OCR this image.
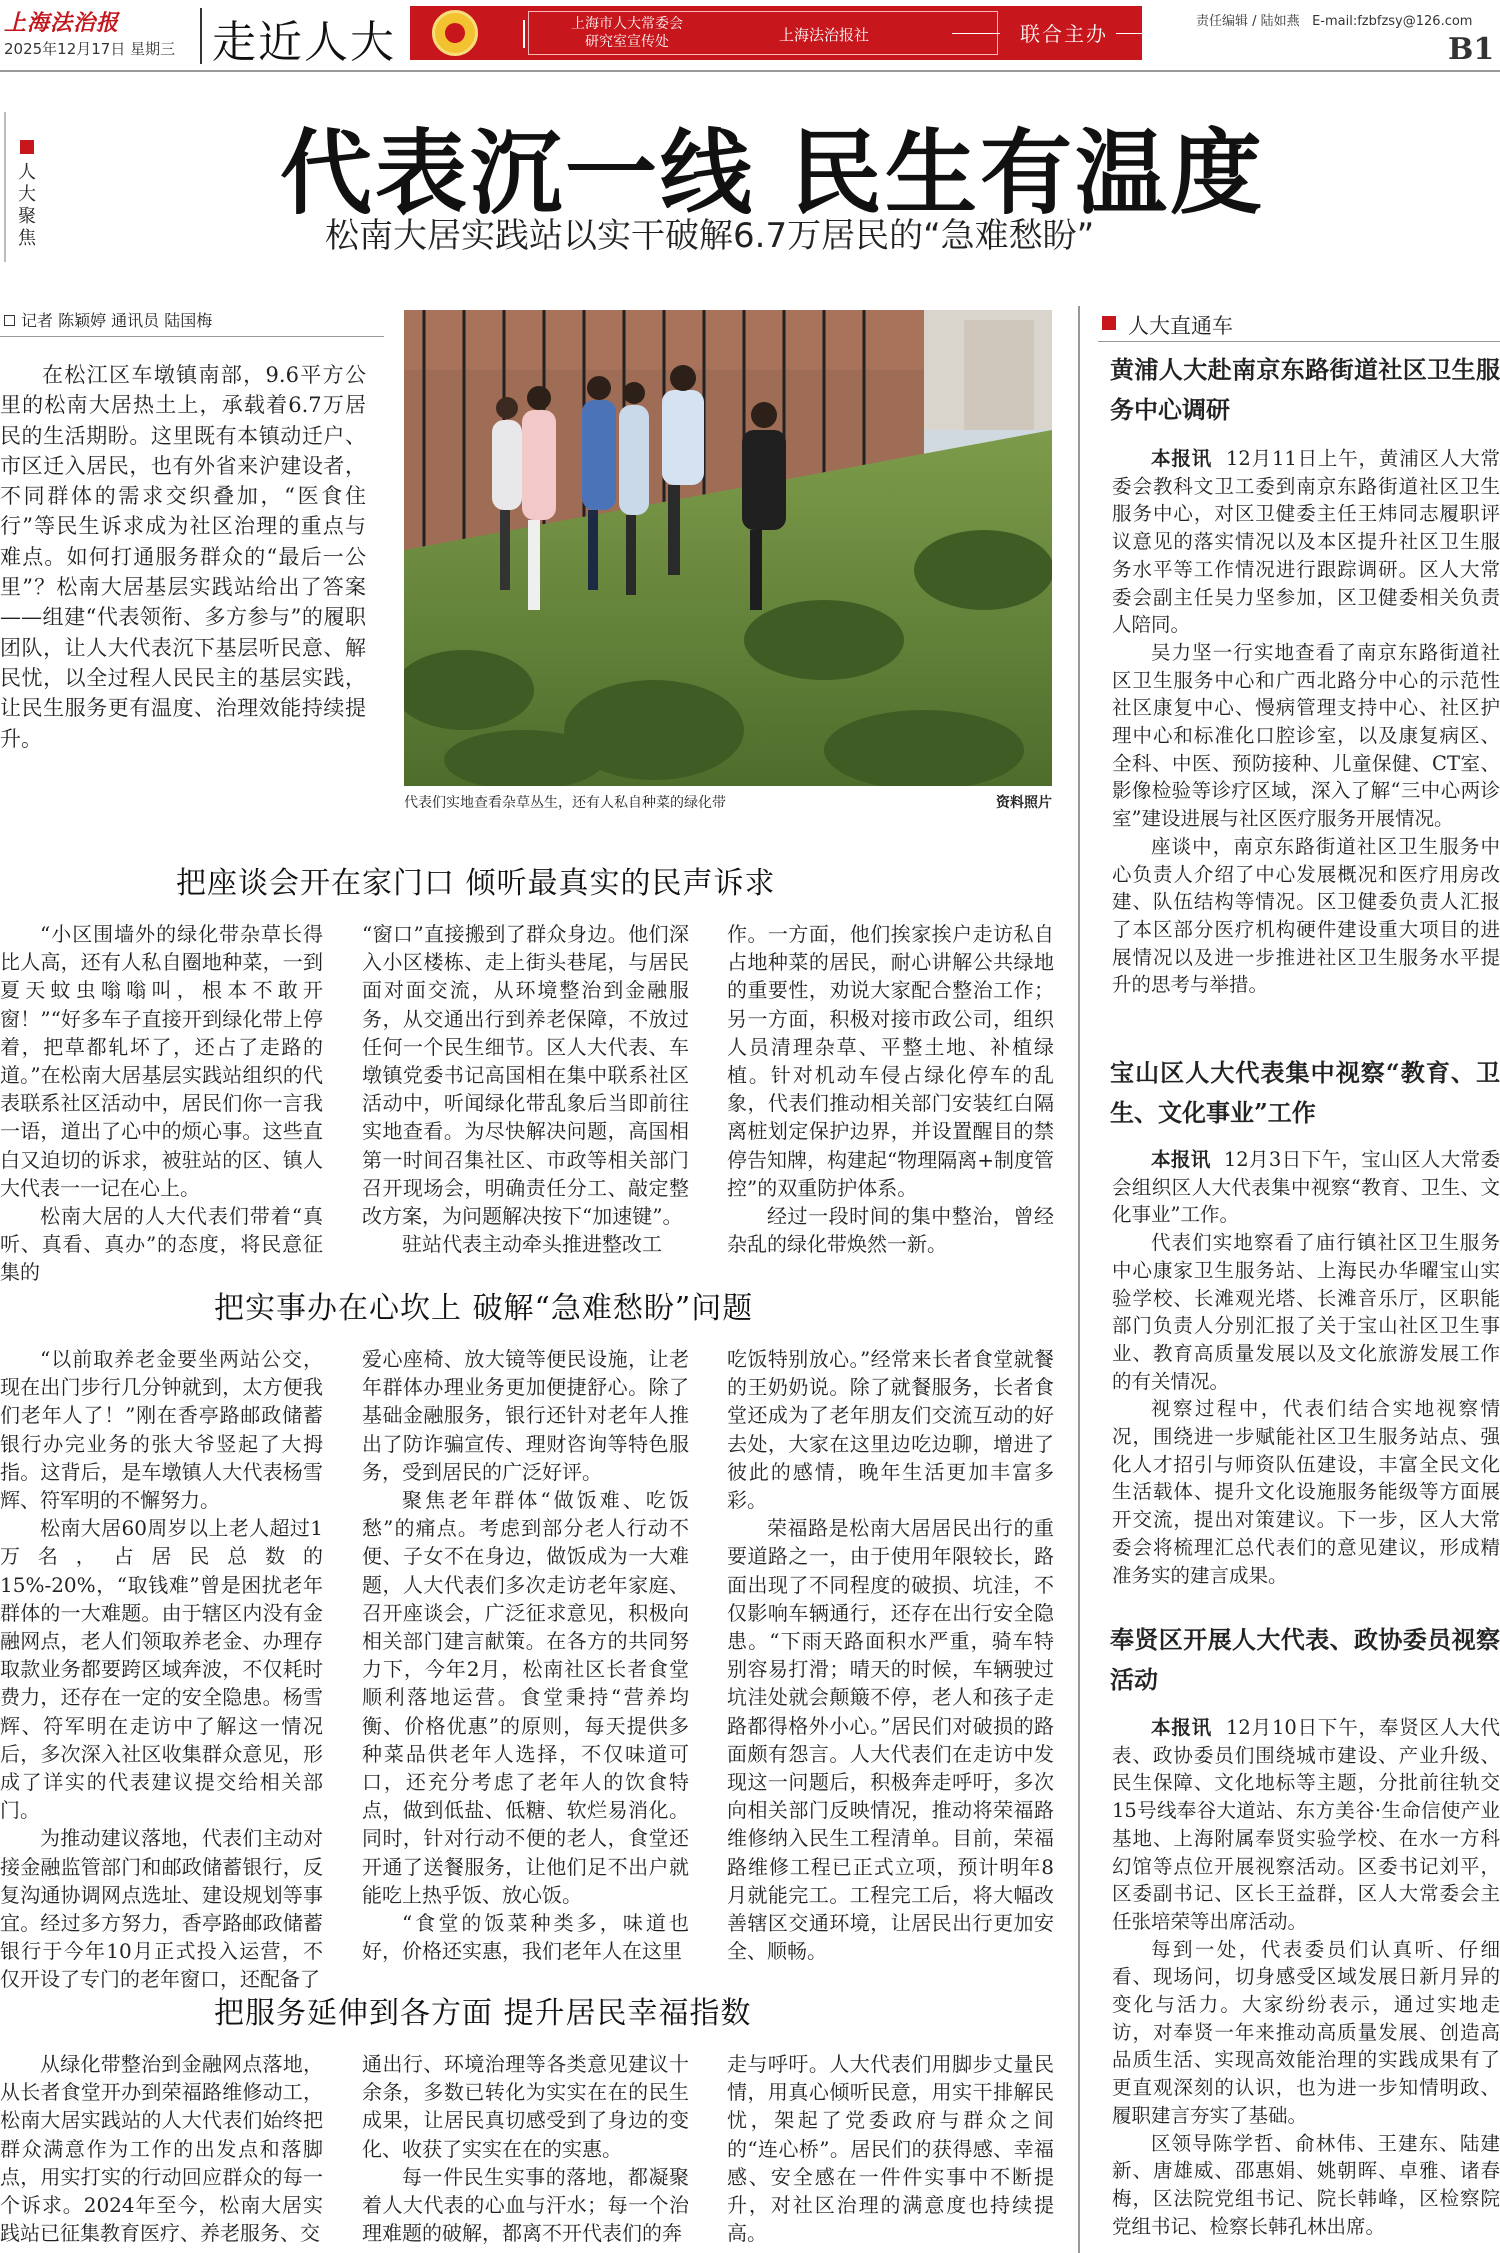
上海法治报
2025年12月17日 星期三 走近人大	上海市人大常委会
研究室宣传处	上海法治报社	联合主办
责任编辑 / 陆如燕 E-mail:fzbfzsy@126.com
B1
人大聚焦
代表沉一线 民生有温度
松南大居实践站以实干破解6.7万居民的“急难愁盼”
记者 陈颖婷 通讯员 陆国梅

在松江区车墩镇南部，9.6平方公里的松南大居热土上，承载着6.7万居民的生活期盼。这里既有本镇动迁户、市区迁入居民，也有外省来沪建设者，不同群体的需求交织叠加，“医食住行”等民生诉求成为社区治理的重点与难点。如何打通服务群众的“最后一公里”？松南大居基层实践站给出了答案——组建“代表领衔、多方参与”的履职团队，让人大代表沉下基层听民意、解民忧，以全过程人民民主的基层实践，让民生服务更有温度、治理效能持续提升。

代表们实地查看杂草丛生，还有人私自种菜的绿化带	资料照片
把座谈会开在家门口 倾听最真实的民声诉求

“小区围墙外的绿化带杂草长得比人高，还有人私自圈地种菜，一到夏天蚊虫嗡嗡叫，根本不敢开窗！”“好多车子直接开到绿化带上停着，把草都轧坏了，还占了走路的道。”在松南大居基层实践站组织的代表联系社区活动中，居民们你一言我一语，道出了心中的烦心事。这些直白又迫切的诉求，被驻站的区、镇人大代表一一记在心上。

松南大居的人大代表们带着“真听、真看、真办”的态度，将民意征集的

“窗口”直接搬到了群众身边。他们深入小区楼栋、走上街头巷尾，与居民面对面交流，从环境整治到金融服务，从交通出行到养老保障，不放过任何一个民生细节。区人大代表、车墩镇党委书记高国相在集中联系社区活动中，听闻绿化带乱象后当即前往实地查看。为尽快解决问题，高国相第一时间召集社区、市政等相关部门召开现场会，明确责任分工、敲定整改方案，为问题解决按下“加速键”。

驻站代表主动牵头推进整改工

作。一方面，他们挨家挨户走访私自占地种菜的居民，耐心讲解公共绿地的重要性，劝说大家配合整治工作；另一方面，积极对接市政公司，组织人员清理杂草、平整土地、补植绿植。针对机动车侵占绿化停车的乱象，代表们推动相关部门安装红白隔离桩划定保护边界，并设置醒目的禁停告知牌，构建起“物理隔离+制度管控”的双重防护体系。

经过一段时间的集中整治，曾经杂乱的绿化带焕然一新。

把实事办在心坎上 破解“急难愁盼”问题

“以前取养老金要坐两站公交，现在出门步行几分钟就到，太方便我们老年人了！”刚在香亭路邮政储蓄银行办完业务的张大爷竖起了大拇指。这背后，是车墩镇人大代表杨雪辉、符军明的不懈努力。

松南大居60周岁以上老人超过1万名，占居民总数的15%-20%，“取钱难”曾是困扰老年群体的一大难题。由于辖区内没有金融网点，老人们领取养老金、办理存取款业务都要跨区域奔波，不仅耗时费力，还存在一定的安全隐患。杨雪辉、符军明在走访中了解这一情况后，多次深入社区收集群众意见，形成了详实的代表建议提交给相关部门。

为推动建议落地，代表们主动对接金融监管部门和邮政储蓄银行，反复沟通协调网点选址、建设规划等事宜。经过多方努力，香亭路邮政储蓄银行于今年10月正式投入运营，不仅开设了专门的老年窗口，还配备了

爱心座椅、放大镜等便民设施，让老年群体办理业务更加便捷舒心。除了基础金融服务，银行还针对老年人推出了防诈骗宣传、理财咨询等特色服务，受到居民的广泛好评。

聚焦老年群体“做饭难、吃饭愁”的痛点。考虑到部分老人行动不便、子女不在身边，做饭成为一大难题，人大代表们多次走访老年家庭、召开座谈会，广泛征求意见，积极向相关部门建言献策。在各方的共同努力下，今年2月，松南社区长者食堂顺利落地运营。食堂秉持“营养均衡、价格优惠”的原则，每天提供多种菜品供老年人选择，不仅味道可口，还充分考虑了老年人的饮食特点，做到低盐、低糖、软烂易消化。同时，针对行动不便的老人，食堂还开通了送餐服务，让他们足不出户就能吃上热乎饭、放心饭。

“食堂的饭菜种类多，味道也好，价格还实惠，我们老年人在这里

吃饭特别放心。”经常来长者食堂就餐的王奶奶说。除了就餐服务，长者食堂还成为了老年朋友们交流互动的好去处，大家在这里边吃边聊，增进了彼此的感情，晚年生活更加丰富多彩。

荣福路是松南大居居民出行的重要道路之一，由于使用年限较长，路面出现了不同程度的破损、坑洼，不仅影响车辆通行，还存在出行安全隐患。“下雨天路面积水严重，骑车特别容易打滑；晴天的时候，车辆驶过坑洼处就会颠簸不停，老人和孩子走路都得格外小心。”居民们对破损的路面颇有怨言。人大代表们在走访中发现这一问题后，积极奔走呼吁，多次向相关部门反映情况，推动将荣福路维修纳入民生工程清单。目前，荣福路维修工程已正式立项，预计明年8月就能完工。工程完工后，将大幅改善辖区交通环境，让居民出行更加安全、顺畅。

把服务延伸到各方面 提升居民幸福指数

从绿化带整治到金融网点落地，从长者食堂开办到荣福路维修动工，松南大居实践站的人大代表们始终把群众满意作为工作的出发点和落脚点，用实打实的行动回应群众的每一个诉求。2024年至今，松南大居实践站已征集教育医疗、养老服务、交

通出行、环境治理等各类意见建议十余条，多数已转化为实实在在的民生成果，让居民真切感受到了身边的变化、收获了实实在在的实惠。

每一件民生实事的落地，都凝聚着人大代表的心血与汗水；每一个治理难题的破解，都离不开代表们的奔

走与呼吁。人大代表们用脚步丈量民情，用真心倾听民意，用实干排解民忧，架起了党委政府与群众之间的“连心桥”。居民们的获得感、幸福感、安全感在一件件实事中不断提升，对社区治理的满意度也持续提高。

人大直通车
黄浦人大赴南京东路街道社区卫生服务中心调研

本报讯 12月11日上午，黄浦区人大常委会教科文卫工委到南京东路街道社区卫生服务中心，对区卫健委主任王炜同志履职评议意见的落实情况以及本区提升社区卫生服务水平等工作情况进行跟踪调研。区人大常委会副主任吴力坚参加，区卫健委相关负责人陪同。

吴力坚一行实地查看了南京东路街道社区卫生服务中心和广西北路分中心的示范性社区康复中心、慢病管理支持中心、社区护理中心和标准化口腔诊室，以及康复病区、全科、中医、预防接种、儿童保健、CT室、影像检验等诊疗区域，深入了解“三中心两诊室”建设进展与社区医疗服务开展情况。

座谈中，南京东路街道社区卫生服务中心负责人介绍了中心发展概况和医疗用房改建、队伍结构等情况。区卫健委负责人汇报了本区部分医疗机构硬件建设重大项目的进展情况以及进一步推进社区卫生服务水平提升的思考与举措。

宝山区人大代表集中视察“教育、卫生、文化事业”工作

本报讯 12月3日下午，宝山区人大常委会组织区人大代表集中视察“教育、卫生、文化事业”工作。

代表们实地察看了庙行镇社区卫生服务中心康家卫生服务站、上海民办华曜宝山实验学校、长滩观光塔、长滩音乐厅，区职能部门负责人分别汇报了关于宝山社区卫生事业、教育高质量发展以及文化旅游发展工作的有关情况。

视察过程中，代表们结合实地视察情况，围绕进一步赋能社区卫生服务站点、强化人才招引与师资队伍建设，丰富全民文化生活载体、提升文化设施服务能级等方面展开交流，提出对策建议。下一步，区人大常委会将梳理汇总代表们的意见建议，形成精准务实的建言成果。

奉贤区开展人大代表、政协委员视察活动

本报讯 12月10日下午，奉贤区人大代表、政协委员们围绕城市建设、产业升级、民生保障、文化地标等主题，分批前往轨交15号线奉谷大道站、东方美谷·生命信使产业基地、上海附属奉贤实验学校、在水一方科幻馆等点位开展视察活动。区委书记刘平，区委副书记、区长王益群，区人大常委会主任张培荣等出席活动。

每到一处，代表委员们认真听、仔细看、现场问，切身感受区域发展日新月异的变化与活力。大家纷纷表示，通过实地走访，对奉贤一年来推动高质量发展、创造高品质生活、实现高效能治理的实践成果有了更直观深刻的认识，也为进一步知情明政、履职建言夯实了基础。

区领导陈学哲、俞林伟、王建东、陆建新、唐雄威、邵惠娟、姚朝晖、卓雅、诸春梅，区法院党组书记、院长韩峰，区检察院党组书记、检察长韩孔林出席。
